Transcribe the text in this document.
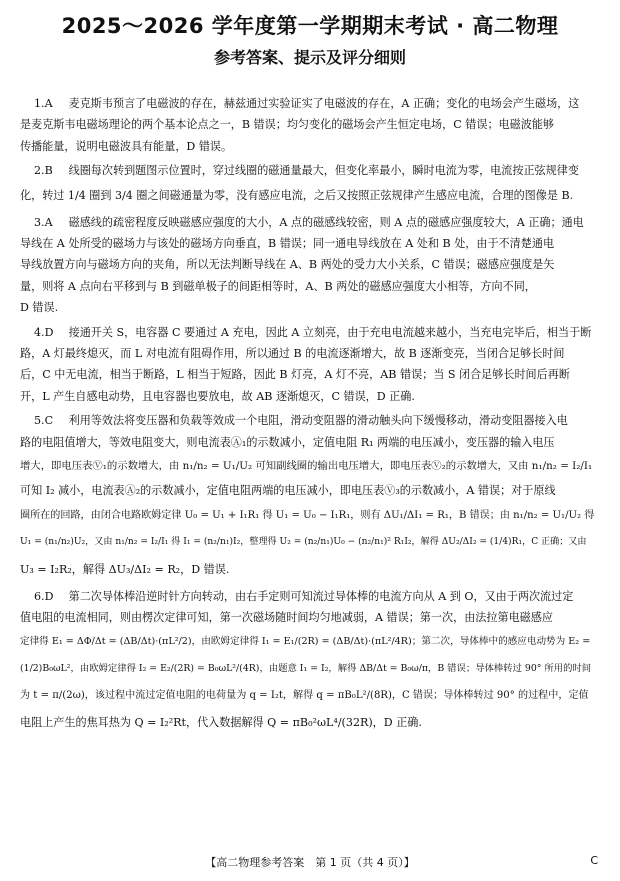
2025～2026 学年度第一学期期末考试 · 高二物理
参考答案、提示及评分细则
1.A 麦克斯韦预言了电磁波的存在，赫兹通过实验证实了电磁波的存在，A 正确；变化的电场会产生磁场，这
是麦克斯韦电磁场理论的两个基本论点之一，B 错误；均匀变化的磁场会产生恒定电场，C 错误；电磁波能够
传播能量，说明电磁波具有能量，D 错误。
2.B 线圈每次转到题图示位置时，穿过线圈的磁通量最大，但变化率最小，瞬时电流为零，电流按正弦规律变
化，转过 1/4 圈到 3/4 圈之间磁通量为零，没有感应电流，之后又按照正弦规律产生感应电流，合理的图像是 B.
3.A 磁感线的疏密程度反映磁感应强度的大小，A 点的磁感线较密，则 A 点的磁感应强度较大，A 正确；通电
导线在 A 处所受的磁场力与该处的磁场方向垂直，B 错误；同一通电导线放在 A 处和 B 处，由于不清楚通电
导线放置方向与磁场方向的夹角，所以无法判断导线在 A、B 两处的受力大小关系，C 错误；磁感应强度是矢
量，则将 A 点向右平移到与 B 到磁单极子的间距相等时，A、B 两处的磁感应强度大小相等，方向不同，
D 错误.
4.D 接通开关 S，电容器 C 要通过 A 充电，因此 A 立刻亮，由于充电电流越来越小，当充电完毕后，相当于断
路，A 灯最终熄灭，而 L 对电流有阻碍作用，所以通过 B 的电流逐渐增大，故 B 逐渐变亮，当闭合足够长时间
后，C 中无电流，相当于断路，L 相当于短路，因此 B 灯亮，A 灯不亮，AB 错误；当 S 闭合足够长时间后再断
开，L 产生自感电动势，且电容器也要放电，故 AB 逐渐熄灭，C 错误，D 正确.
5.C 利用等效法将变压器和负载等效成一个电阻，滑动变阻器的滑动触头向下缓慢移动，滑动变阻器接入电
路的电阻值增大，等效电阻变大，则电流表Ⓐ₁的示数减小，定值电阻 R₁ 两端的电压减小，变压器的输入电压
增大，即电压表Ⓥ₁的示数增大，由 n₁/n₂ = U₁/U₂ 可知副线圈的输出电压增大，即电压表Ⓥ₂的示数增大，又由 n₁/n₂ = I₂/I₁
可知 I₂ 减小，电流表Ⓐ₂的示数减小，定值电阻两端的电压减小，即电压表Ⓥ₃的示数减小，A 错误；对于原线
圈所在的回路，由闭合电路欧姆定律 U₀ = U₁ + I₁R₁ 得 U₁ = U₀ − I₁R₁，则有 ΔU₁/ΔI₁ = R₁，B 错误；由 n₁/n₂ = U₁/U₂ 得
U₁ = (n₁/n₂)U₂，又由 n₁/n₂ = I₂/I₁ 得 I₁ = (n₂/n₁)I₂，整理得 U₂ = (n₂/n₁)U₀ − (n₂/n₁)² R₁I₂，解得 ΔU₂/ΔI₂ = (1/4)R₁，C 正确；又由
U₃ = I₂R₂，解得 ΔU₃/ΔI₂ = R₂，D 错误.
6.D 第二次导体棒沿逆时针方向转动，由右手定则可知流过导体棒的电流方向从 A 到 O，又由于两次流过定
值电阻的电流相同，则由楞次定律可知，第一次磁场随时间均匀地减弱，A 错误；第一次，由法拉第电磁感应
定律得 E₁ = ΔΦ/Δt = (ΔB/Δt)·(πL²/2)，由欧姆定律得 I₁ = E₁/(2R) = (ΔB/Δt)·(πL²/4R)；第二次，导体棒中的感应电动势为 E₂ =
(1/2)B₀ωL²，由欧姆定律得 I₂ = E₂/(2R) = B₀ωL²/(4R)，由题意 I₁ = I₂，解得 ΔB/Δt = B₀ω/π，B 错误；导体棒转过 90° 所用的时间
为 t = π/(2ω)，该过程中流过定值电阻的电荷量为 q = I₂t，解得 q = πB₀L²/(8R)，C 错误；导体棒转过 90° 的过程中，定值
电阻上产生的焦耳热为 Q = I₂²Rt，代入数据解得 Q = πB₀²ωL⁴/(32R)，D 正确.
【高二物理参考答案　第 1 页（共 4 页）】	C
